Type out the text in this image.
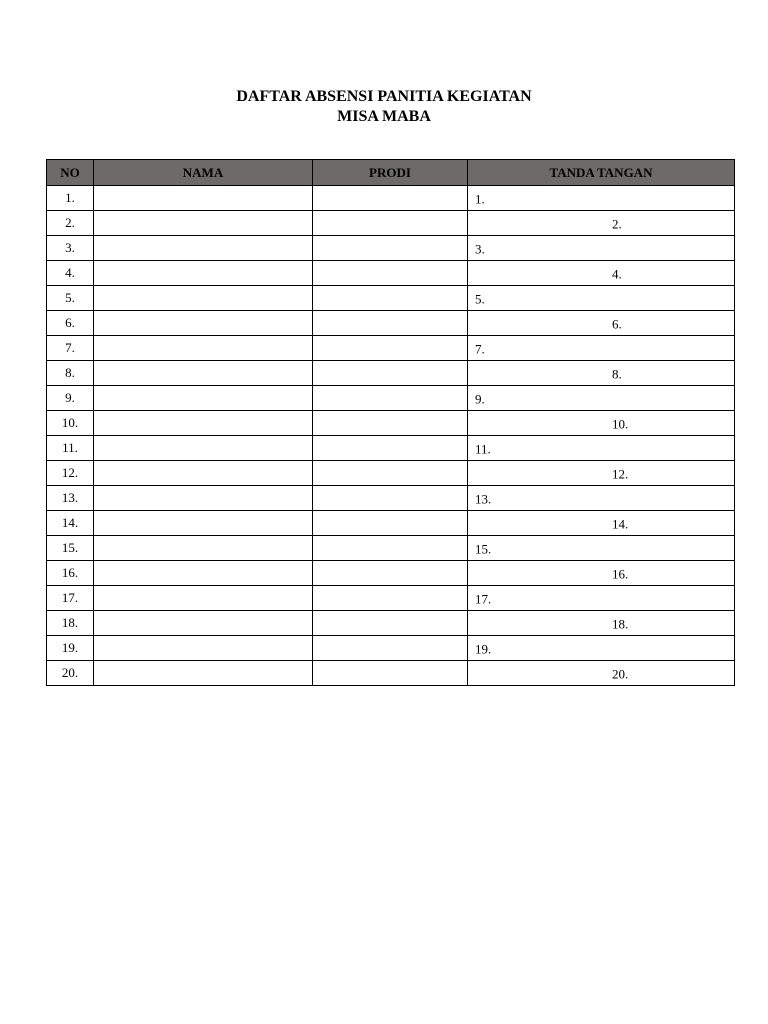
DAFTAR ABSENSI PANITIA KEGIATAN
MISA MABA
NO	NAMA	PRODI	TANDA TANGAN
1.			1.

2.			2.

3.			3.

4.			4.

5.			5.

6.			6.

7.			7.

8.			8.

9.			9.

10.			10.

11.			11.

12.			12.

13.			13.

14.			14.

15.			15.

16.			16.

17.			17.

18.			18.

19.			19.

20.			20.
